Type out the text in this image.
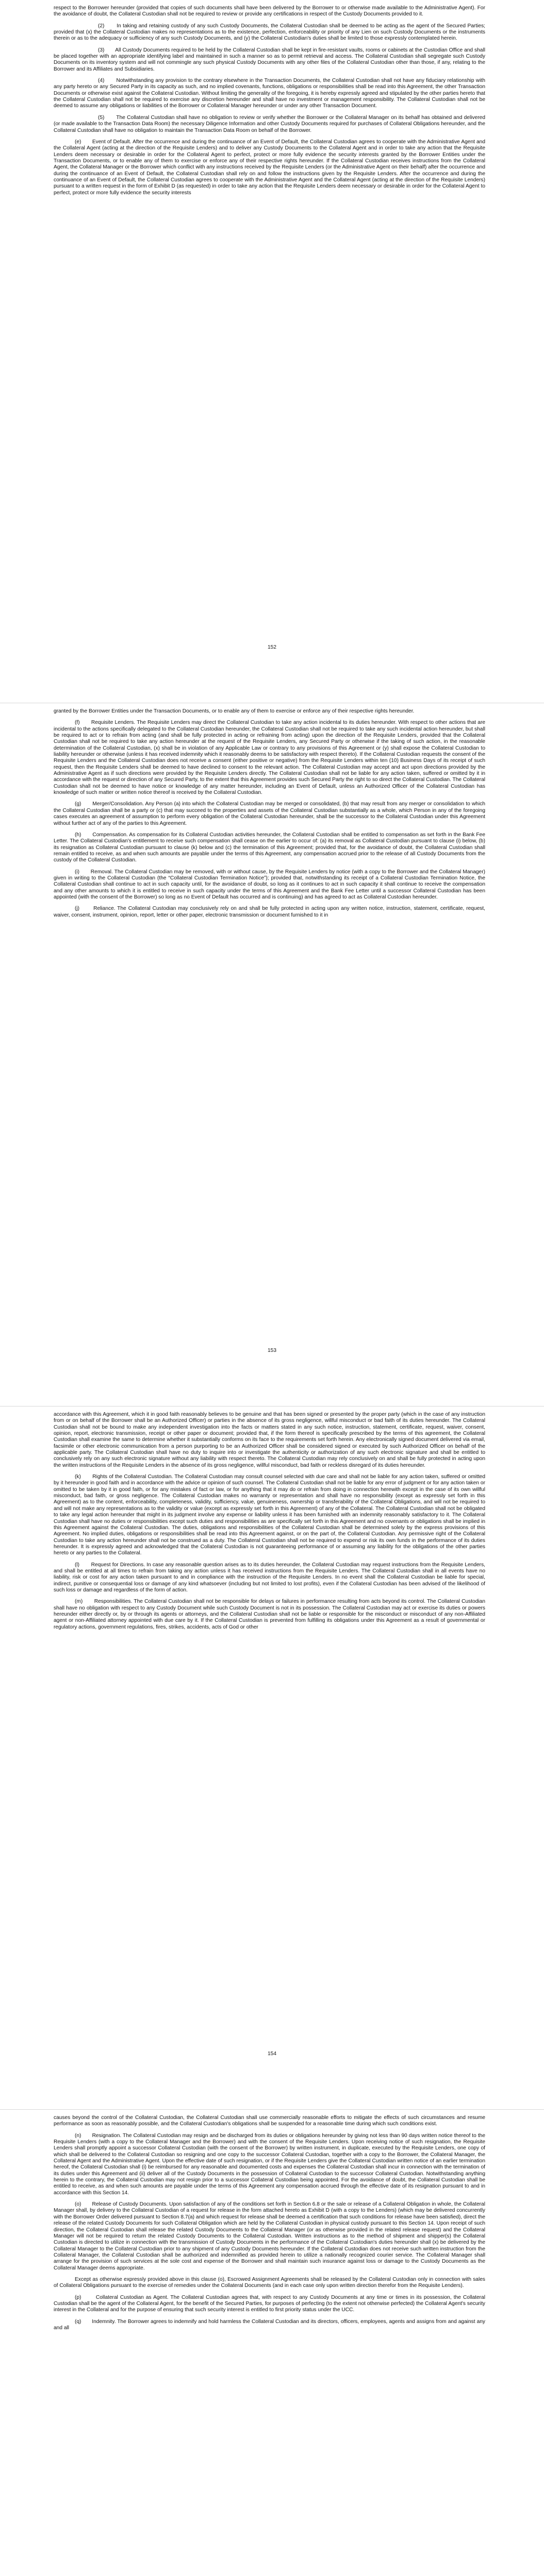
respect to the Borrower hereunder (provided that copies of such documents shall have been delivered by the Borrower to or otherwise made available to the Administrative Agent). For the avoidance of doubt, the Collateral Custodian shall not be required to review or provide any certifications in respect of the Custody Documents provided to it.

(2)       In taking and retaining custody of any such Custody Documents, the Collateral Custodian shall be deemed to be acting as the agent of the Secured Parties; provided that (x) the Collateral Custodian makes no representations as to the existence, perfection, enforceability or priority of any Lien on such Custody Documents or the instruments therein or as to the adequacy or sufficiency of any such Custody Documents, and (y) the Collateral Custodian's duties shall be limited to those expressly contemplated herein.

(3)       All Custody Documents required to be held by the Collateral Custodian shall be kept in fire-resistant vaults, rooms or cabinets at the Custodian Office and shall be placed together with an appropriate identifying label and maintained in such a manner so as to permit retrieval and access. The Collateral Custodian shall segregate such Custody Documents on its inventory system and will not commingle any such physical Custody Documents with any other files of the Collateral Custodian other than those, if any, relating to the Borrower and its Affiliates and Subsidiaries.

(4)       Notwithstanding any provision to the contrary elsewhere in the Transaction Documents, the Collateral Custodian shall not have any fiduciary relationship with any party hereto or any Secured Party in its capacity as such, and no implied covenants, functions, obligations or responsibilities shall be read into this Agreement, the other Transaction Documents or otherwise exist against the Collateral Custodian. Without limiting the generality of the foregoing, it is hereby expressly agreed and stipulated by the other parties hereto that the Collateral Custodian shall not be required to exercise any discretion hereunder and shall have no investment or management responsibility. The Collateral Custodian shall not be deemed to assume any obligations or liabilities of the Borrower or Collateral Manager hereunder or under any other Transaction Document.

(5)       The Collateral Custodian shall have no obligation to review or verify whether the Borrower or the Collateral Manager on its behalf has obtained and delivered (or made available to the Transaction Data Room) the necessary Diligence Information and other Custody Documents required for purchases of Collateral Obligations hereunder, and the Collateral Custodian shall have no obligation to maintain the Transaction Data Room on behalf of the Borrower.

(e)       Event of Default. After the occurrence and during the continuance of an Event of Default, the Collateral Custodian agrees to cooperate with the Administrative Agent and the Collateral Agent (acting at the direction of the Requisite Lenders) and to deliver any Custody Documents to the Collateral Agent and in order to take any action that the Requisite Lenders deem necessary or desirable in order for the Collateral Agent to perfect, protect or more fully evidence the security interests granted by the Borrower Entities under the Transaction Documents, or to enable any of them to exercise or enforce any of their respective rights hereunder. If the Collateral Custodian receives instructions from the Collateral Agent, the Collateral Manager or the Borrower which conflict with any instructions received by the Requisite Lenders (or the Administrative Agent on their behalf) after the occurrence and during the continuance of an Event of Default, the Collateral Custodian shall rely on and follow the instructions given by the Requisite Lenders. After the occurrence and during the continuance of an Event of Default, the Collateral Custodian agrees to cooperate with the Administrative Agent and the Collateral Agent (acting at the direction of the Requisite Lenders) pursuant to a written request in the form of Exhibit D (as requested) in order to take any action that the Requisite Lenders deem necessary or desirable in order for the Collateral Agent to perfect, protect or more fully evidence the security interests

152

granted by the Borrower Entities under the Transaction Documents, or to enable any of them to exercise or enforce any of their respective rights hereunder.

(f)       Requisite Lenders. The Requisite Lenders may direct the Collateral Custodian to take any action incidental to its duties hereunder. With respect to other actions that are incidental to the actions specifically delegated to the Collateral Custodian hereunder, the Collateral Custodian shall not be required to take any such incidental action hereunder, but shall be required to act or to refrain from acting (and shall be fully protected in acting or refraining from acting) upon the direction of the Requisite Lenders, provided that the Collateral Custodian shall not be required to take any action hereunder at the request of the Requisite Lenders, any Secured Party or otherwise if the taking of such action, in the reasonable determination of the Collateral Custodian, (x) shall be in violation of any Applicable Law or contrary to any provisions of this Agreement or (y) shall expose the Collateral Custodian to liability hereunder or otherwise (unless it has received indemnity which it reasonably deems to be satisfactory with respect thereto). If the Collateral Custodian requests the consent of the Requisite Lenders and the Collateral Custodian does not receive a consent (either positive or negative) from the Requisite Lenders within ten (10) Business Days of its receipt of such request, then the Requisite Lenders shall be deemed to have declined to consent to the relevant action. The Collateral Custodian may accept and act upon directions provided by the Administrative Agent as if such directions were provided by the Requisite Lenders directly. The Collateral Custodian shall not be liable for any action taken, suffered or omitted by it in accordance with the request or direction of any Secured Party, to the extent that this Agreement provides such Secured Party the right to so direct the Collateral Custodian. The Collateral Custodian shall not be deemed to have notice or knowledge of any matter hereunder, including an Event of Default, unless an Authorized Officer of the Collateral Custodian has knowledge of such matter or written notice thereof is received by the Collateral Custodian.

(g)       Merger/Consolidation. Any Person (a) into which the Collateral Custodian may be merged or consolidated, (b) that may result from any merger or consolidation to which the Collateral Custodian shall be a party or (c) that may succeed to the properties and assets of the Collateral Custodian substantially as a whole, which Person in any of the foregoing cases executes an agreement of assumption to perform every obligation of the Collateral Custodian hereunder, shall be the successor to the Collateral Custodian under this Agreement without further act of any of the parties to this Agreement.

(h)       Compensation. As compensation for its Collateral Custodian activities hereunder, the Collateral Custodian shall be entitled to compensation as set forth in the Bank Fee Letter. The Collateral Custodian's entitlement to receive such compensation shall cease on the earlier to occur of: (a) its removal as Collateral Custodian pursuant to clause (i) below, (b) its resignation as Collateral Custodian pursuant to clause (k) below and (c) the termination of this Agreement; provided that, for the avoidance of doubt, the Collateral Custodian shall remain entitled to receive, as and when such amounts are payable under the terms of this Agreement, any compensation accrued prior to the release of all Custody Documents from the custody of the Collateral Custodian.

(i)       Removal. The Collateral Custodian may be removed, with or without cause, by the Requisite Lenders by notice (with a copy to the Borrower and the Collateral Manager) given in writing to the Collateral Custodian (the “Collateral Custodian Termination Notice”); provided that, notwithstanding its receipt of a Collateral Custodian Termination Notice, the Collateral Custodian shall continue to act in such capacity until, for the avoidance of doubt, so long as it continues to act in such capacity it shall continue to receive the compensation and any other amounts to which it is entitled to receive in such capacity under the terms of this Agreement and the Bank Fee Letter until a successor Collateral Custodian has been appointed (with the consent of the Borrower) so long as no Event of Default has occurred and is continuing) and has agreed to act as Collateral Custodian hereunder.

(j)       Reliance. The Collateral Custodian may conclusively rely on and shall be fully protected in acting upon any written notice, instruction, statement, certificate, request, waiver, consent, instrument, opinion, report, letter or other paper, electronic transmission or document furnished to it in

153

accordance with this Agreement, which it in good faith reasonably believes to be genuine and that has been signed or presented by the proper party (which in the case of any instruction from or on behalf of the Borrower shall be an Authorized Officer) or parties in the absence of its gross negligence, willful misconduct or bad faith of its duties hereunder. The Collateral Custodian shall not be bound to make any independent investigation into the facts or matters stated in any such notice, instruction, statement, certificate, request, waiver, consent, opinion, report, electronic transmission, receipt or other paper or document; provided that, if the form thereof is specifically prescribed by the terms of this agreement, the Collateral Custodian shall examine the same to determine whether it substantially conforms on its face to the requirements set forth herein. Any electronically signed document delivered via email, facsimile or other electronic communication from a person purporting to be an Authorized Officer shall be considered signed or executed by such Authorized Officer on behalf of the applicable party. The Collateral Custodian shall have no duty to inquire into or investigate the authenticity or authorization of any such electronic signature and shall be entitled to conclusively rely on any such electronic signature without any liability with respect thereto. The Collateral Custodian may rely conclusively on and shall be fully protected in acting upon the written instructions of the Requisite Lenders in the absence of its gross negligence, willful misconduct, bad faith or reckless disregard of its duties hereunder.

(k)       Rights of the Collateral Custodian. The Collateral Custodian may consult counsel selected with due care and shall not be liable for any action taken, suffered or omitted by it hereunder in good faith and in accordance with the advice or opinion of such counsel. The Collateral Custodian shall not be liable for any error of judgment or for any action taken or omitted to be taken by it in good faith, or for any mistakes of fact or law, or for anything that it may do or refrain from doing in connection herewith except in the case of its own willful misconduct, bad faith, or gross negligence. The Collateral Custodian makes no warranty or representation and shall have no responsibility (except as expressly set forth in this Agreement) as to the content, enforceability, completeness, validity, sufficiency, value, genuineness, ownership or transferability of the Collateral Obligations, and will not be required to and will not make any representations as to the validity or value (except as expressly set forth in this Agreement) of any of the Collateral. The Collateral Custodian shall not be obligated to take any legal action hereunder that might in its judgment involve any expense or liability unless it has been furnished with an indemnity reasonably satisfactory to it. The Collateral Custodian shall have no duties or responsibilities except such duties and responsibilities as are specifically set forth in this Agreement and no covenants or obligations shall be implied in this Agreement against the Collateral Custodian. The duties, obligations and responsibilities of the Collateral Custodian shall be determined solely by the express provisions of this Agreement. No implied duties, obligations or responsibilities shall be read into this Agreement against, or on the part of, the Collateral Custodian. Any permissive right of the Collateral Custodian to take any action hereunder shall not be construed as a duty. The Collateral Custodian shall not be required to expend or risk its own funds in the performance of its duties hereunder. It is expressly agreed and acknowledged that the Collateral Custodian is not guaranteeing performance of or assuming any liability for the obligations of the other parties hereto or any parties to the Collateral.

(l)       Request for Directions. In case any reasonable question arises as to its duties hereunder, the Collateral Custodian may request instructions from the Requisite Lenders, and shall be entitled at all times to refrain from taking any action unless it has received instructions from the Requisite Lenders. The Collateral Custodian shall in all events have no liability, risk or cost for any action taken pursuant to and in compliance with the instruction of the Requisite Lenders. In no event shall the Collateral Custodian be liable for special, indirect, punitive or consequential loss or damage of any kind whatsoever (including but not limited to lost profits), even if the Collateral Custodian has been advised of the likelihood of such loss or damage and regardless of the form of action.

(m)       Responsibilities. The Collateral Custodian shall not be responsible for delays or failures in performance resulting from acts beyond its control. The Collateral Custodian shall have no obligation with respect to any Custody Document while such Custody Document is not in its possession. The Collateral Custodian may act or exercise its duties or powers hereunder either directly or, by or through its agents or attorneys, and the Collateral Custodian shall not be liable or responsible for the misconduct or misconduct of any non-Affiliated agent or non-Affiliated attorney appointed with due care by it. If the Collateral Custodian is prevented from fulfilling its obligations under this Agreement as a result of governmental or regulatory actions, government regulations, fires, strikes, accidents, acts of God or other

154

causes beyond the control of the Collateral Custodian, the Collateral Custodian shall use commercially reasonable efforts to mitigate the effects of such circumstances and resume performance as soon as reasonably possible, and the Collateral Custodian's obligations shall be suspended for a reasonable time during which such conditions exist.

(n)       Resignation. The Collateral Custodian may resign and be discharged from its duties or obligations hereunder by giving not less than 90 days written notice thereof to the Requisite Lenders (with a copy to the Collateral Manager and the Borrower) and with the consent of the Requisite Lenders. Upon receiving notice of such resignation, the Requisite Lenders shall promptly appoint a successor Collateral Custodian (with the consent of the Borrower) by written instrument, in duplicate, executed by the Requisite Lenders, one copy of which shall be delivered to the Collateral Custodian so resigning and one copy to the successor Collateral Custodian, together with a copy to the Borrower, the Collateral Manager, the Collateral Agent and the Administrative Agent. Upon the effective date of such resignation, or if the Requisite Lenders give the Collateral Custodian written notice of an earlier termination hereof, the Collateral Custodian shall (i) be reimbursed for any reasonable and documented costs and expenses the Collateral Custodian shall incur in connection with the termination of its duties under this Agreement and (ii) deliver all of the Custody Documents in the possession of Collateral Custodian to the successor Collateral Custodian. Notwithstanding anything herein to the contrary, the Collateral Custodian may not resign prior to a successor Collateral Custodian being appointed. For the avoidance of doubt, the Collateral Custodian shall be entitled to receive, as and when such amounts are payable under the terms of this Agreement any compensation accrued through the effective date of its resignation pursuant to and in accordance with this Section 14.

(o)       Release of Custody Documents. Upon satisfaction of any of the conditions set forth in Section 6.8 or the sale or release of a Collateral Obligation in whole, the Collateral Manager shall, by delivery to the Collateral Custodian of a request for release in the form attached hereto as Exhibit D (with a copy to the Lenders) (which may be delivered concurrently with the Borrower Order delivered pursuant to Section 8.7(a) and which request for release shall be deemed a certification that such conditions for release have been satisfied), direct the release of the related Custody Documents for such Collateral Obligation which are held by the Collateral Custodian in physical custody pursuant to this Section 14. Upon receipt of such direction, the Collateral Custodian shall release the related Custody Documents to the Collateral Manager (or as otherwise provided in the related release request) and the Collateral Manager will not be required to return the related Custody Documents to the Collateral Custodian. Written instructions as to the method of shipment and shipper(s) the Collateral Custodian is directed to utilize in connection with the transmission of Custody Documents in the performance of the Collateral Custodian's duties hereunder shall (x) be delivered by the Collateral Manager to the Collateral Custodian prior to any shipment of any Custody Documents hereunder. If the Collateral Custodian does not receive such written instruction from the Collateral Manager, the Collateral Custodian shall be authorized and indemnified as provided herein to utilize a nationally recognized courier service. The Collateral Manager shall arrange for the provision of such services at the sole cost and expense of the Borrower and shall maintain such insurance against loss or damage to the Custody Documents as the Collateral Manager deems appropriate.

Except as otherwise expressly provided above in this clause (o), Escrowed Assignment Agreements shall be released by the Collateral Custodian only in connection with sales of Collateral Obligations pursuant to the exercise of remedies under the Collateral Documents (and in each case only upon written direction therefor from the Requisite Lenders).

(p)       Collateral Custodian as Agent. The Collateral Custodian agrees that, with respect to any Custody Documents at any time or times in its possession, the Collateral Custodian shall be the agent of the Collateral Agent, for the benefit of the Secured Parties, for purposes of perfecting (to the extent not otherwise perfected) the Collateral Agent's security interest in the Collateral and for the purpose of ensuring that such security interest is entitled to first priority status under the UCC.

(q)       Indemnity. The Borrower agrees to indemnify and hold harmless the Collateral Custodian and its directors, officers, employees, agents and assigns from and against any and all
